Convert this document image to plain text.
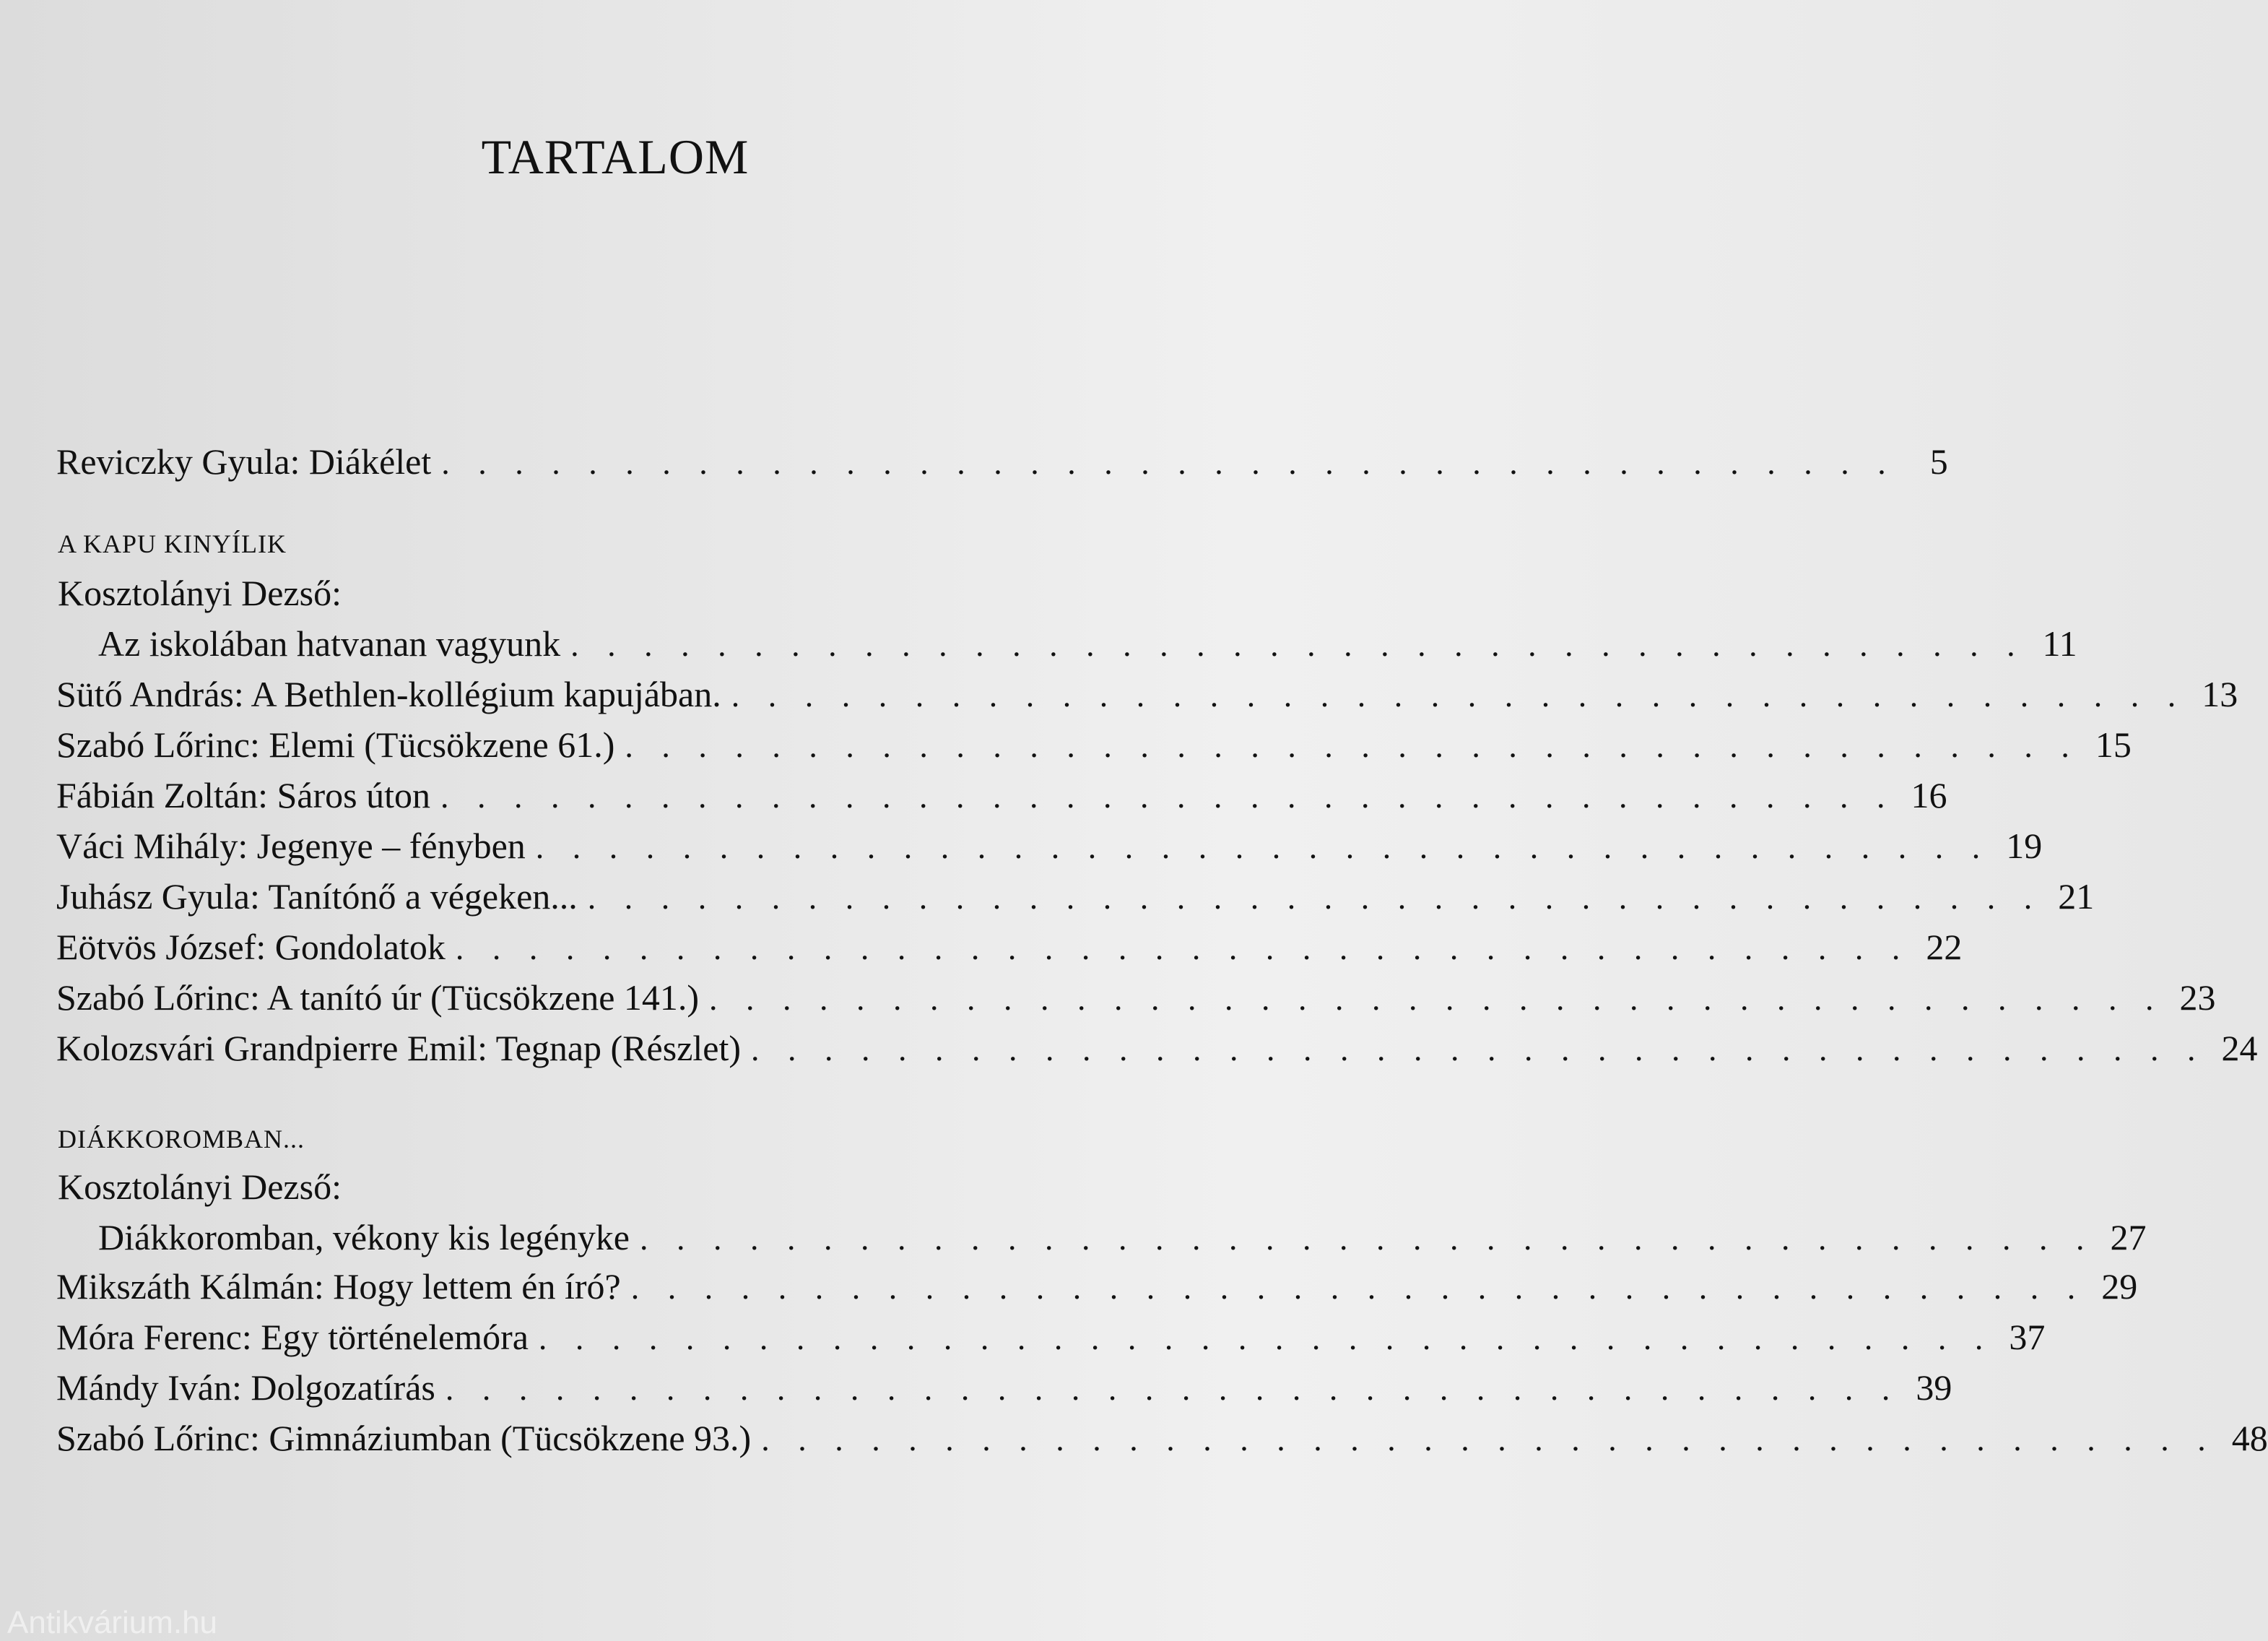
TARTALOM
Reviczky Gyula: Diákélet . . . . . . . . . . . . . . . . . . . . . . . . . . . . . . . . . . . . . . . . 5
A KAPU KINYÍLIK
Kosztolányi Dezső:
Az iskolában hatvanan vagyunk . . . . . . . . . . . . . . . . . . . . . . . . . . . . . . . . . . . . . . . . 11
Sütő András: A Bethlen-kollégium kapujában. . . . . . . . . . . . . . . . . . . . . . . . . . . . . . . . . . . . . . . . . 13
Szabó Lőrinc: Elemi (Tücsökzene 61.) . . . . . . . . . . . . . . . . . . . . . . . . . . . . . . . . . . . . . . . . 15
Fábián Zoltán: Sáros úton . . . . . . . . . . . . . . . . . . . . . . . . . . . . . . . . . . . . . . . . 16
Váci Mihály: Jegenye – fényben . . . . . . . . . . . . . . . . . . . . . . . . . . . . . . . . . . . . . . . . 19
Juhász Gyula: Tanítónő a végeken... . . . . . . . . . . . . . . . . . . . . . . . . . . . . . . . . . . . . . . . . 21
Eötvös József: Gondolatok . . . . . . . . . . . . . . . . . . . . . . . . . . . . . . . . . . . . . . . . 22
Szabó Lőrinc: A tanító úr (Tücsökzene 141.) . . . . . . . . . . . . . . . . . . . . . . . . . . . . . . . . . . . . . . . . 23
Kolozsvári Grandpierre Emil: Tegnap (Részlet) . . . . . . . . . . . . . . . . . . . . . . . . . . . . . . . . . . . . . . . . 24
DIÁKKOROMBAN...
Kosztolányi Dezső:
Diákkoromban, vékony kis legényke . . . . . . . . . . . . . . . . . . . . . . . . . . . . . . . . . . . . . . . . 27
Mikszáth Kálmán: Hogy lettem én író? . . . . . . . . . . . . . . . . . . . . . . . . . . . . . . . . . . . . . . . . 29
Móra Ferenc: Egy történelemóra . . . . . . . . . . . . . . . . . . . . . . . . . . . . . . . . . . . . . . . . 37
Mándy Iván: Dolgozatírás . . . . . . . . . . . . . . . . . . . . . . . . . . . . . . . . . . . . . . . . 39
Szabó Lőrinc: Gimnáziumban (Tücsökzene 93.) . . . . . . . . . . . . . . . . . . . . . . . . . . . . . . . . . . . . . . . . 48
Antikvárium.hu
